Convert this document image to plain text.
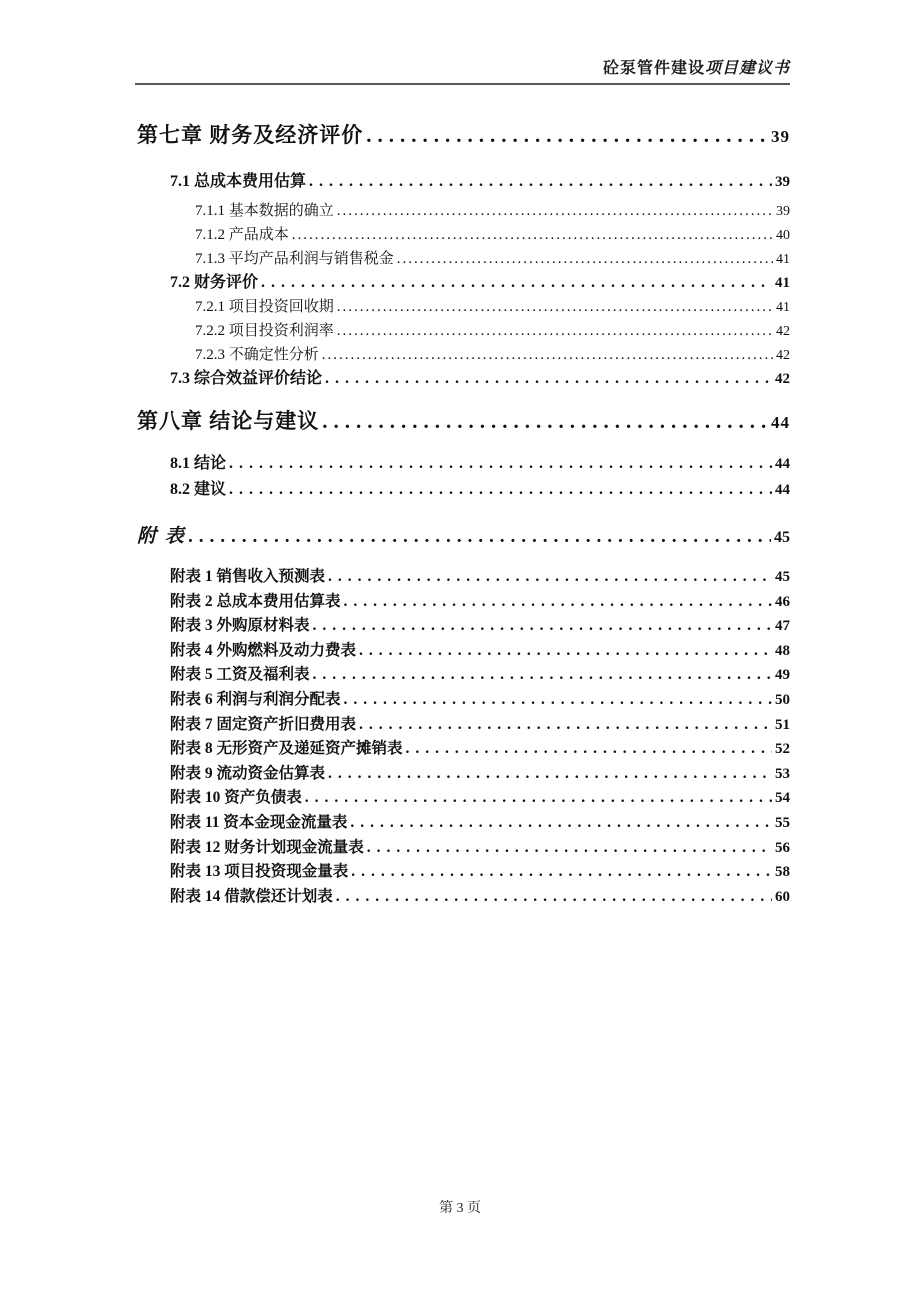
砼泵管件建设项目建议书
第七章 财务及经济评价 .....	39
7.1 总成本费用估算 .....	39
7.1.1 基本数据的确立 .....	39
7.1.2 产品成本 .....	40
7.1.3 平均产品利润与销售税金 .....	41
7.2 财务评价 .....	41
7.2.1 项目投资回收期 .....	41
7.2.2 项目投资利润率 .....	42
7.2.3 不确定性分析 .....	42
7.3 综合效益评价结论 .....	42
第八章 结论与建议 .....	44
8.1 结论 .....	44
8.2 建议 .....	44
附 表 .....	45
附表 1 销售收入预测表 .....	45
附表 2 总成本费用估算表 .....	46
附表 3 外购原材料表 .....	47
附表 4 外购燃料及动力费表 .....	48
附表 5 工资及福利表 .....	49
附表 6 利润与利润分配表 .....	50
附表 7 固定资产折旧费用表 .....	51
附表 8 无形资产及递延资产摊销表 .....	52
附表 9 流动资金估算表 .....	53
附表 10 资产负债表 .....	54
附表 11 资本金现金流量表 .....	55
附表 12 财务计划现金流量表 .....	56
附表 13 项目投资现金量表 .....	58
附表 14 借款偿还计划表 .....	60
第 3 页
